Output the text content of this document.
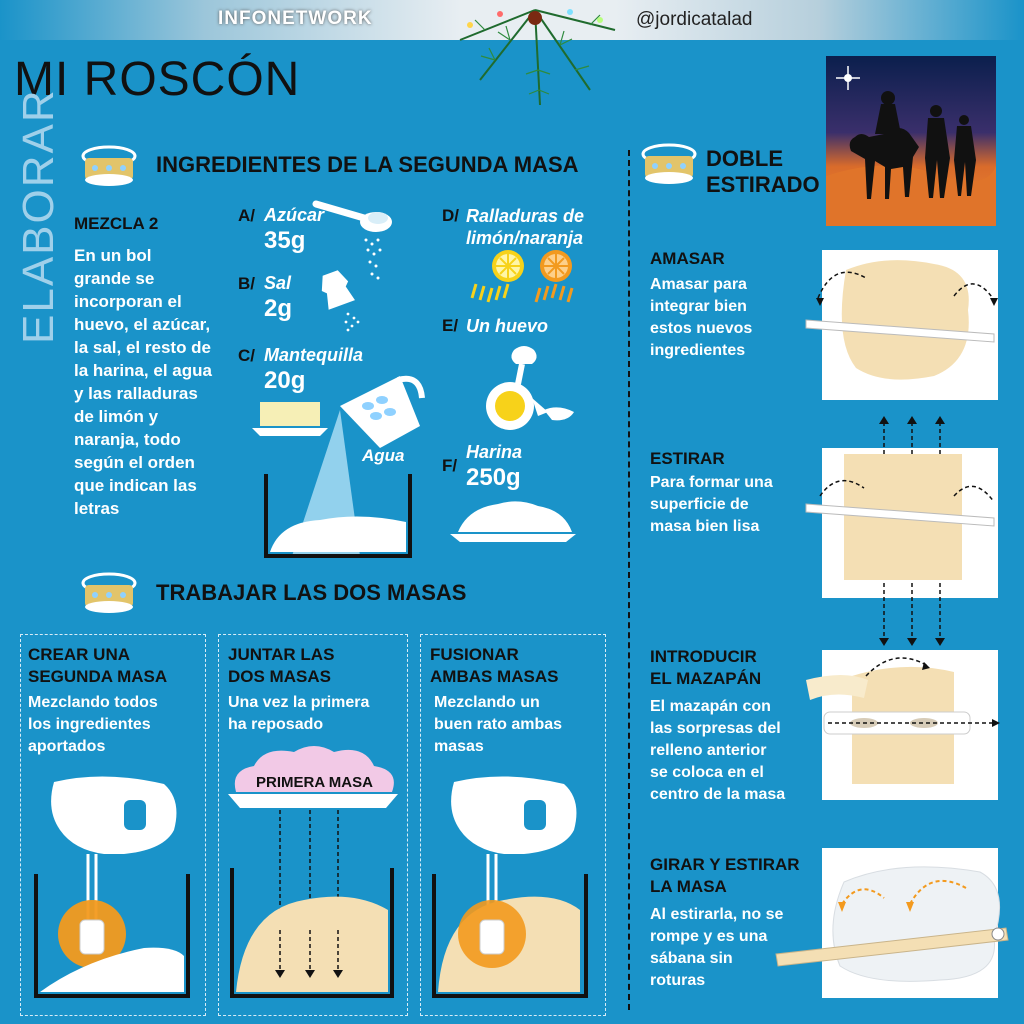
INFONETWORK	@jordicatalad
MI ROSCÓN
ELABORAR	INGREDIENTES DE LA SEGUNDA MASA
TRABAJAR LAS DOS MASAS
DOBLE
ESTIRADO
MEZCLA 2
En un bol
grande se
incorporan el
huevo, el azúcar,
la sal, el resto de
la harina, el agua
y las ralladuras
de limón y
naranja, todo
según el orden
que indican las
letras
A/ Azúcar
35g
B/ Sal
2g
C/ Mantequilla
20g
Agua
D/ Ralladuras de
limón/naranja
E/ Un huevo
F/
Harina
250g
CREAR UNA
SEGUNDA MASA
Mezclando todos
los ingredientes
aportados
JUNTAR LAS
DOS MASAS
Una vez la primera
ha reposado
FUSIONAR
AMBAS MASAS
Mezclando un
buen rato ambas
masas
PRIMERA MASA
AMASAR
Amasar para
integrar bien
estos nuevos
ingredientes
ESTIRAR
Para formar una
superficie de
masa bien lisa
INTRODUCIR
EL MAZAPÁN
El mazapán con
las sorpresas del
relleno anterior
se coloca en el
centro de la masa
GIRAR Y ESTIRAR
LA MASA
Al estirarla, no se
rompe y es una
sábana sin
roturas
